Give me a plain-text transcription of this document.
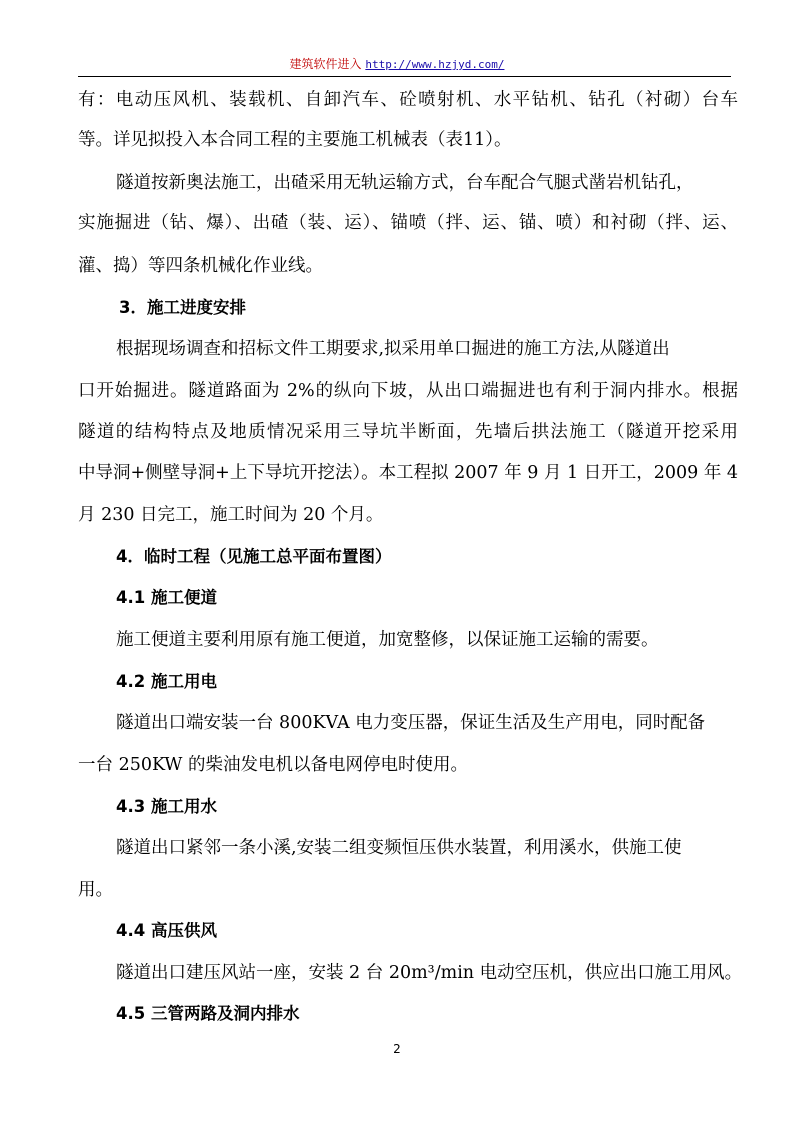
建筑软件进入 http://www.hzjyd.com/
有：电动压风机、装载机、自卸汽车、砼喷射机、水平钻机、钻孔（衬砌）台车
等。详见拟投入本合同工程的主要施工机械表（表11）。
隧道按新奥法施工，出碴采用无轨运输方式，台车配合气腿式凿岩机钻孔，
实施掘进（钻、爆）、出碴（装、运）、锚喷（拌、运、锚、喷）和衬砌（拌、运、
灌、捣）等四条机械化作业线。
3．施工进度安排
根据现场调查和招标文件工期要求,拟采用单口掘进的施工方法,从隧道出
口开始掘进。隧道路面为 2%的纵向下坡，从出口端掘进也有利于洞内排水。根据
隧道的结构特点及地质情况采用三导坑半断面，先墙后拱法施工（隧道开挖采用
中导洞+侧壁导洞+上下导坑开挖法）。本工程拟 2007 年 9 月 1 日开工，2009 年 4
月 230 日完工，施工时间为 20 个月。
4．临时工程（见施工总平面布置图）
4.1 施工便道
施工便道主要利用原有施工便道，加宽整修，以保证施工运输的需要。
4.2 施工用电
隧道出口端安装一台 800KVA 电力变压器，保证生活及生产用电，同时配备
一台 250KW 的柴油发电机以备电网停电时使用。
4.3 施工用水
隧道出口紧邻一条小溪,安装二组变频恒压供水装置，利用溪水，供施工使
用。
4.4 高压供风
隧道出口建压风站一座，安装 2 台 20m³/min 电动空压机，供应出口施工用风。
4.5 三管两路及洞内排水
2
